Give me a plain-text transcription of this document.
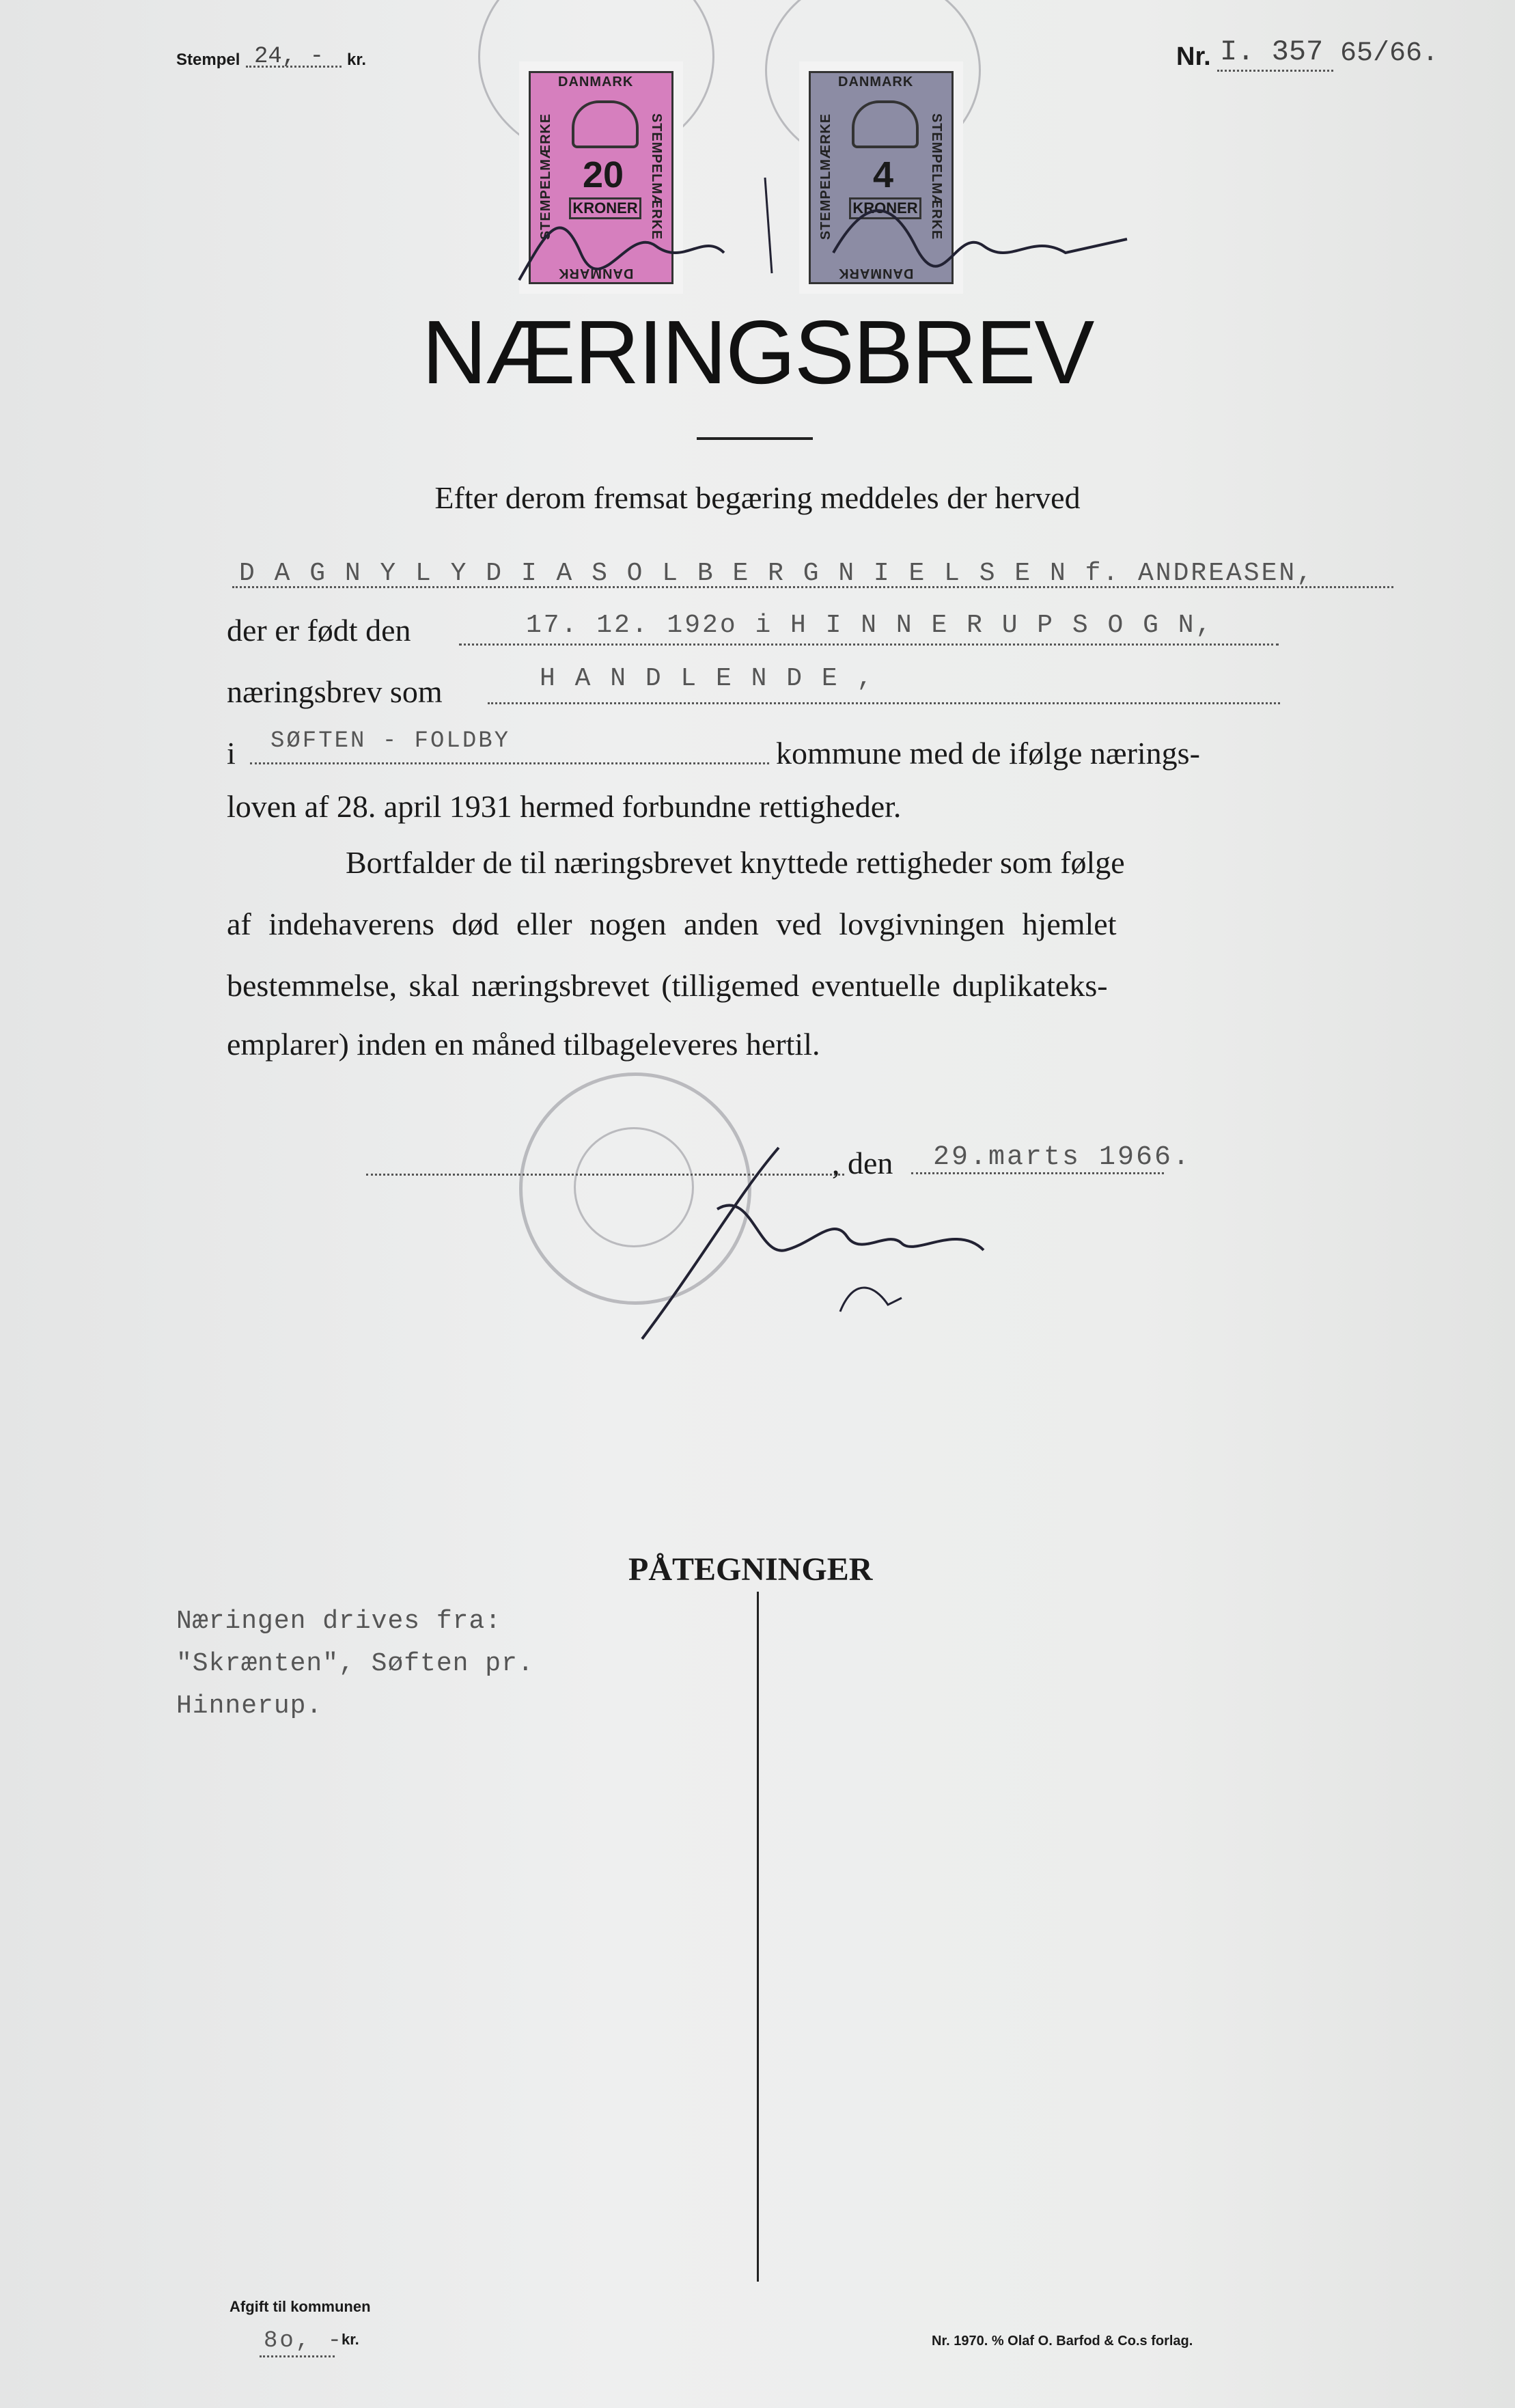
Stempel 24, - kr.	Nr. I. 357 65/66.
DANMARK
DANMARK
STEMPELMÆRKE	STEMPELMÆRKE
20
KRONER
DANMARK
DANMARK
STEMPELMÆRKE	STEMPELMÆRKE
4
KRONER
NÆRINGSBREV
Efter derom fremsat begæring meddeles der herved
D A G N Y L Y D I A S O L B E R G N I E L S E N f. ANDREASEN,
der er født den	17. 12. 192o i H I N N E R U P S O G N,
næringsbrev som	H A N D L E N D E ,
i SØFTEN - FOLDBY	kommune med de ifølge nærings-
loven af 28. april 1931 hermed forbundne rettigheder.
Bortfalder de til næringsbrevet knyttede rettigheder som følge
af indehaverens død eller nogen anden ved lovgivningen hjemlet
bestemmelse, skal næringsbrevet (tilligemed eventuelle duplikateks-
emplarer) inden en måned tilbageleveres hertil.
, den 29.marts 1966.
PÅTEGNINGER
Næringen drives fra:
"Skrænten", Søften pr.
Hinnerup.
Afgift til kommunen
8o, -
kr.	Nr. 1970. % Olaf O. Barfod & Co.s forlag.
